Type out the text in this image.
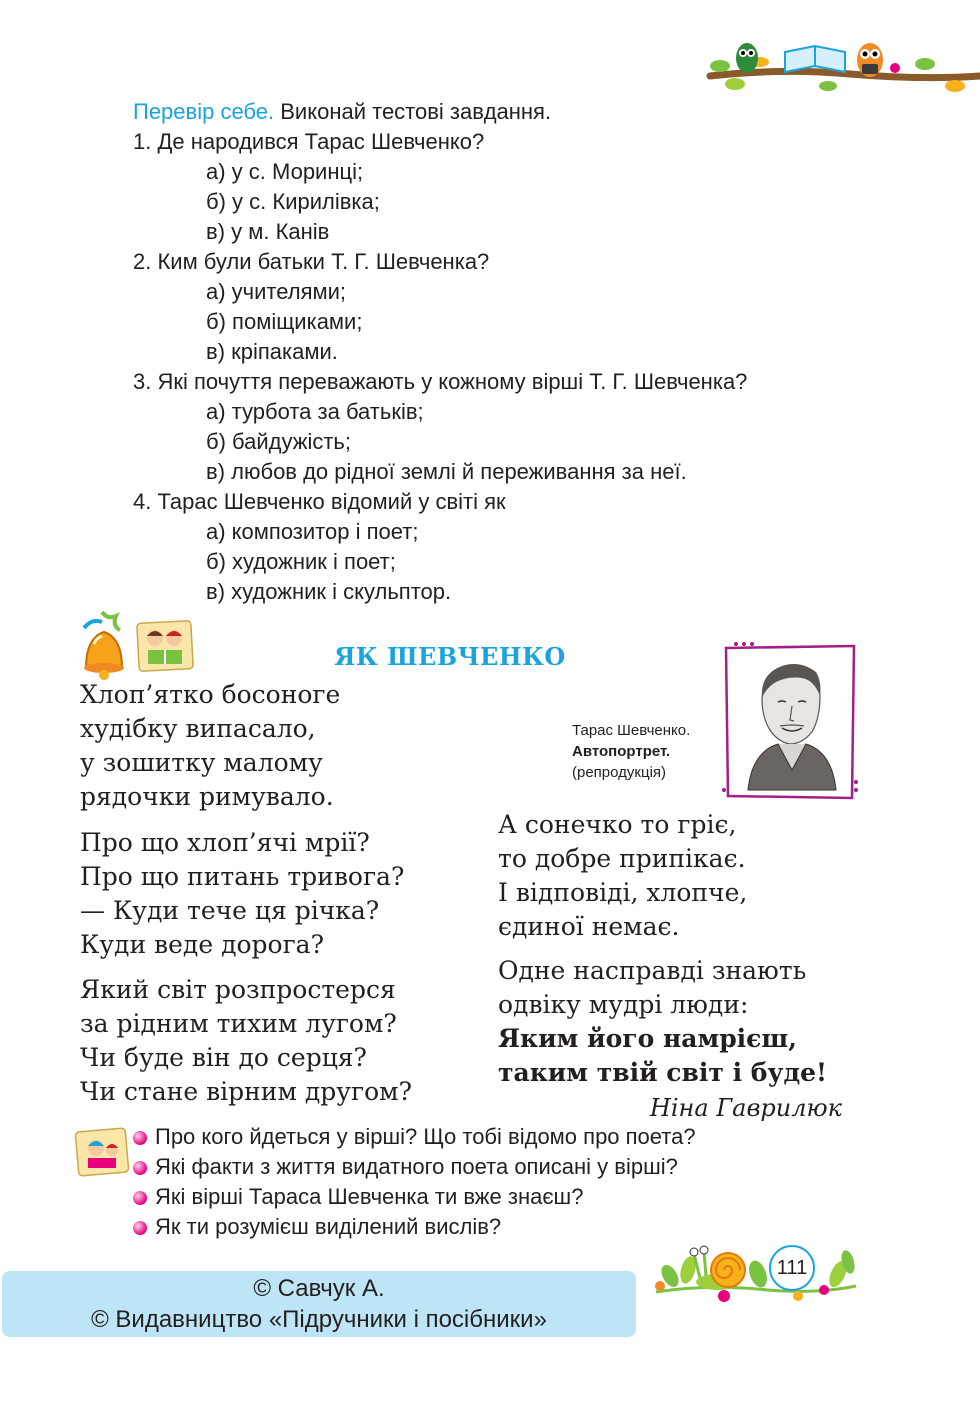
Перевір себе. Виконай тестові завдання.
1. Де народився Тарас Шевченко?
а) у с. Моринці;
б) у с. Кирилівка;
в) у м. Канів
2. Ким були батьки Т. Г. Шевченка?
а) учителями;
б) поміщиками;
в) кріпаками.
3. Які почуття переважають у кожному вірші Т. Г. Шевченка?
а) турбота за батьків;
б) байдужість;
в) любов до рідної землі й переживання за неї.
4. Тарас Шевченко відомий у світі як
а) композитор і поет;
б) художник і поет;
в) художник і скульптор.
ЯК ШЕВЧЕНКО
Хлоп’ятко босоноге
худібку випасало,
у зошитку малому
рядочки римувало.
Про що хлоп’ячі мрії?
Про що питань тривога?
— Куди тече ця річка?
Куди веде дорога?
Який світ розпростерся
за рідним тихим лугом?
Чи буде він до серця?
Чи стане вірним другом?
Тарас Шевченко.
Автопортрет.
(репродукція)
А сонечко то гріє,
то добре припікає.
І відповіді, хлопче,
єдиної немає.
Одне насправді знають
одвіку мудрі люди:
Яким його намрієш,
таким твій світ і буде!
Ніна Гаврилюк
Про кого йдеться у вірші? Що тобі відомо про поета?
Які факти з життя видатного поета описані у вірші?
Які вірші Тараса Шевченка ти вже знаєш?
Як ти розумієш виділений вислів?
111
© Савчук А.
© Видавництво «Підручники і посібники»
